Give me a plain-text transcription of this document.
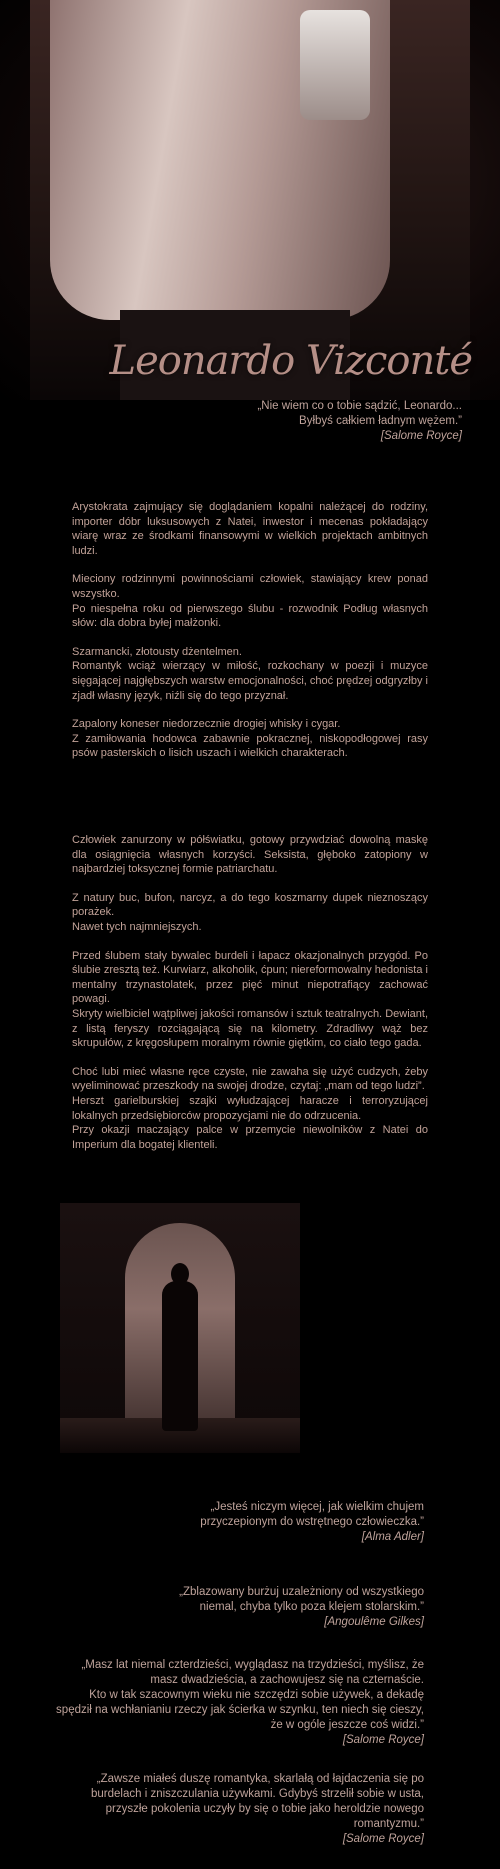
Leonardo Vizconté
„Nie wiem co o tobie sądzić, Leonardo...
Byłbyś całkiem ładnym wężem.”
[Salome Royce]

Arystokrata zajmujący się doglądaniem kopalni należącej do rodziny, importer dóbr luksusowych z Natei, inwestor i mecenas pokładający wiarę wraz ze środkami finansowymi w wielkich projektach ambitnych ludzi.

Mieciony rodzinnymi powinnościami człowiek, stawiający krew ponad wszystko.
Po niespełna roku od pierwszego ślubu - rozwodnik Podług własnych słów: dla dobra byłej małżonki.

Szarmancki, złotousty dżentelmen.
Romantyk wciąż wierzący w miłość, rozkochany w poezji i muzyce sięgającej najgłębszych warstw emocjonalności, choć prędzej odgryzłby i zjadł własny język, niźli się do tego przyznał.

Zapalony koneser niedorzecznie drogiej whisky i cygar.
Z zamiłowania hodowca zabawnie pokracznej, niskopodłogowej rasy psów pasterskich o lisich uszach i wielkich charakterach.

Człowiek zanurzony w półświatku, gotowy przywdziać dowolną maskę dla osiągnięcia własnych korzyści. Seksista, głęboko zatopiony w najbardziej toksycznej formie patriarchatu.

Z natury buc, bufon, narcyz, a do tego koszmarny dupek nieznoszący porażek.
Nawet tych najmniejszych.

Przed ślubem stały bywalec burdeli i łapacz okazjonalnych przygód. Po ślubie zresztą też. Kurwiarz, alkoholik, ćpun; niereformowalny hedonista i mentalny trzynastolatek, przez pięć minut niepotrafiący zachować powagi.
Skryty wielbiciel wątpliwej jakości romansów i sztuk teatralnych. Dewiant, z listą feryszy rozciągającą się na kilometry. Zdradliwy wąż bez skrupułów, z kręgosłupem moralnym równie giętkim, co ciało tego gada.

Choć lubi mieć własne ręce czyste, nie zawaha się użyć cudzych, żeby wyeliminować przeszkody na swojej drodze, czytaj: „mam od tego ludzi”.
Herszt garielburskiej szajki wyłudzającej haracze i terroryzującej lokalnych przedsiębiorców propozycjami nie do odrzucenia.
Przy okazji maczający palce w przemycie niewolników z Natei do Imperium dla bogatej klienteli.

„Jesteś niczym więcej, jak wielkim chujem
przyczepionym do wstrętnego człowieczka.”
[Alma Adler]
„Zblazowany burżuj uzależniony od wszystkiego
niemal, chyba tylko poza klejem stolarskim.”
[Angoulême Gilkes]
„Masz lat niemal czterdzieści, wyglądasz na trzydzieści, myślisz, że
masz dwadzieścia, a zachowujesz się na czternaście.
Kto w tak szacownym wieku nie szczędzi sobie używek, a dekadę
spędził na wchłanianiu rzeczy jak ścierka w szynku, ten niech się cieszy,
że w ogóle jeszcze coś widzi.”
[Salome Royce]
„Zawsze miałeś duszę romantyka, skarlałą od łajdaczenia się po
burdelach i zniszczulania używkami. Gdybyś strzelił sobie w usta,
przyszłe pokolenia uczyły by się o tobie jako heroldzie nowego
romantyzmu.”
[Salome Royce]
